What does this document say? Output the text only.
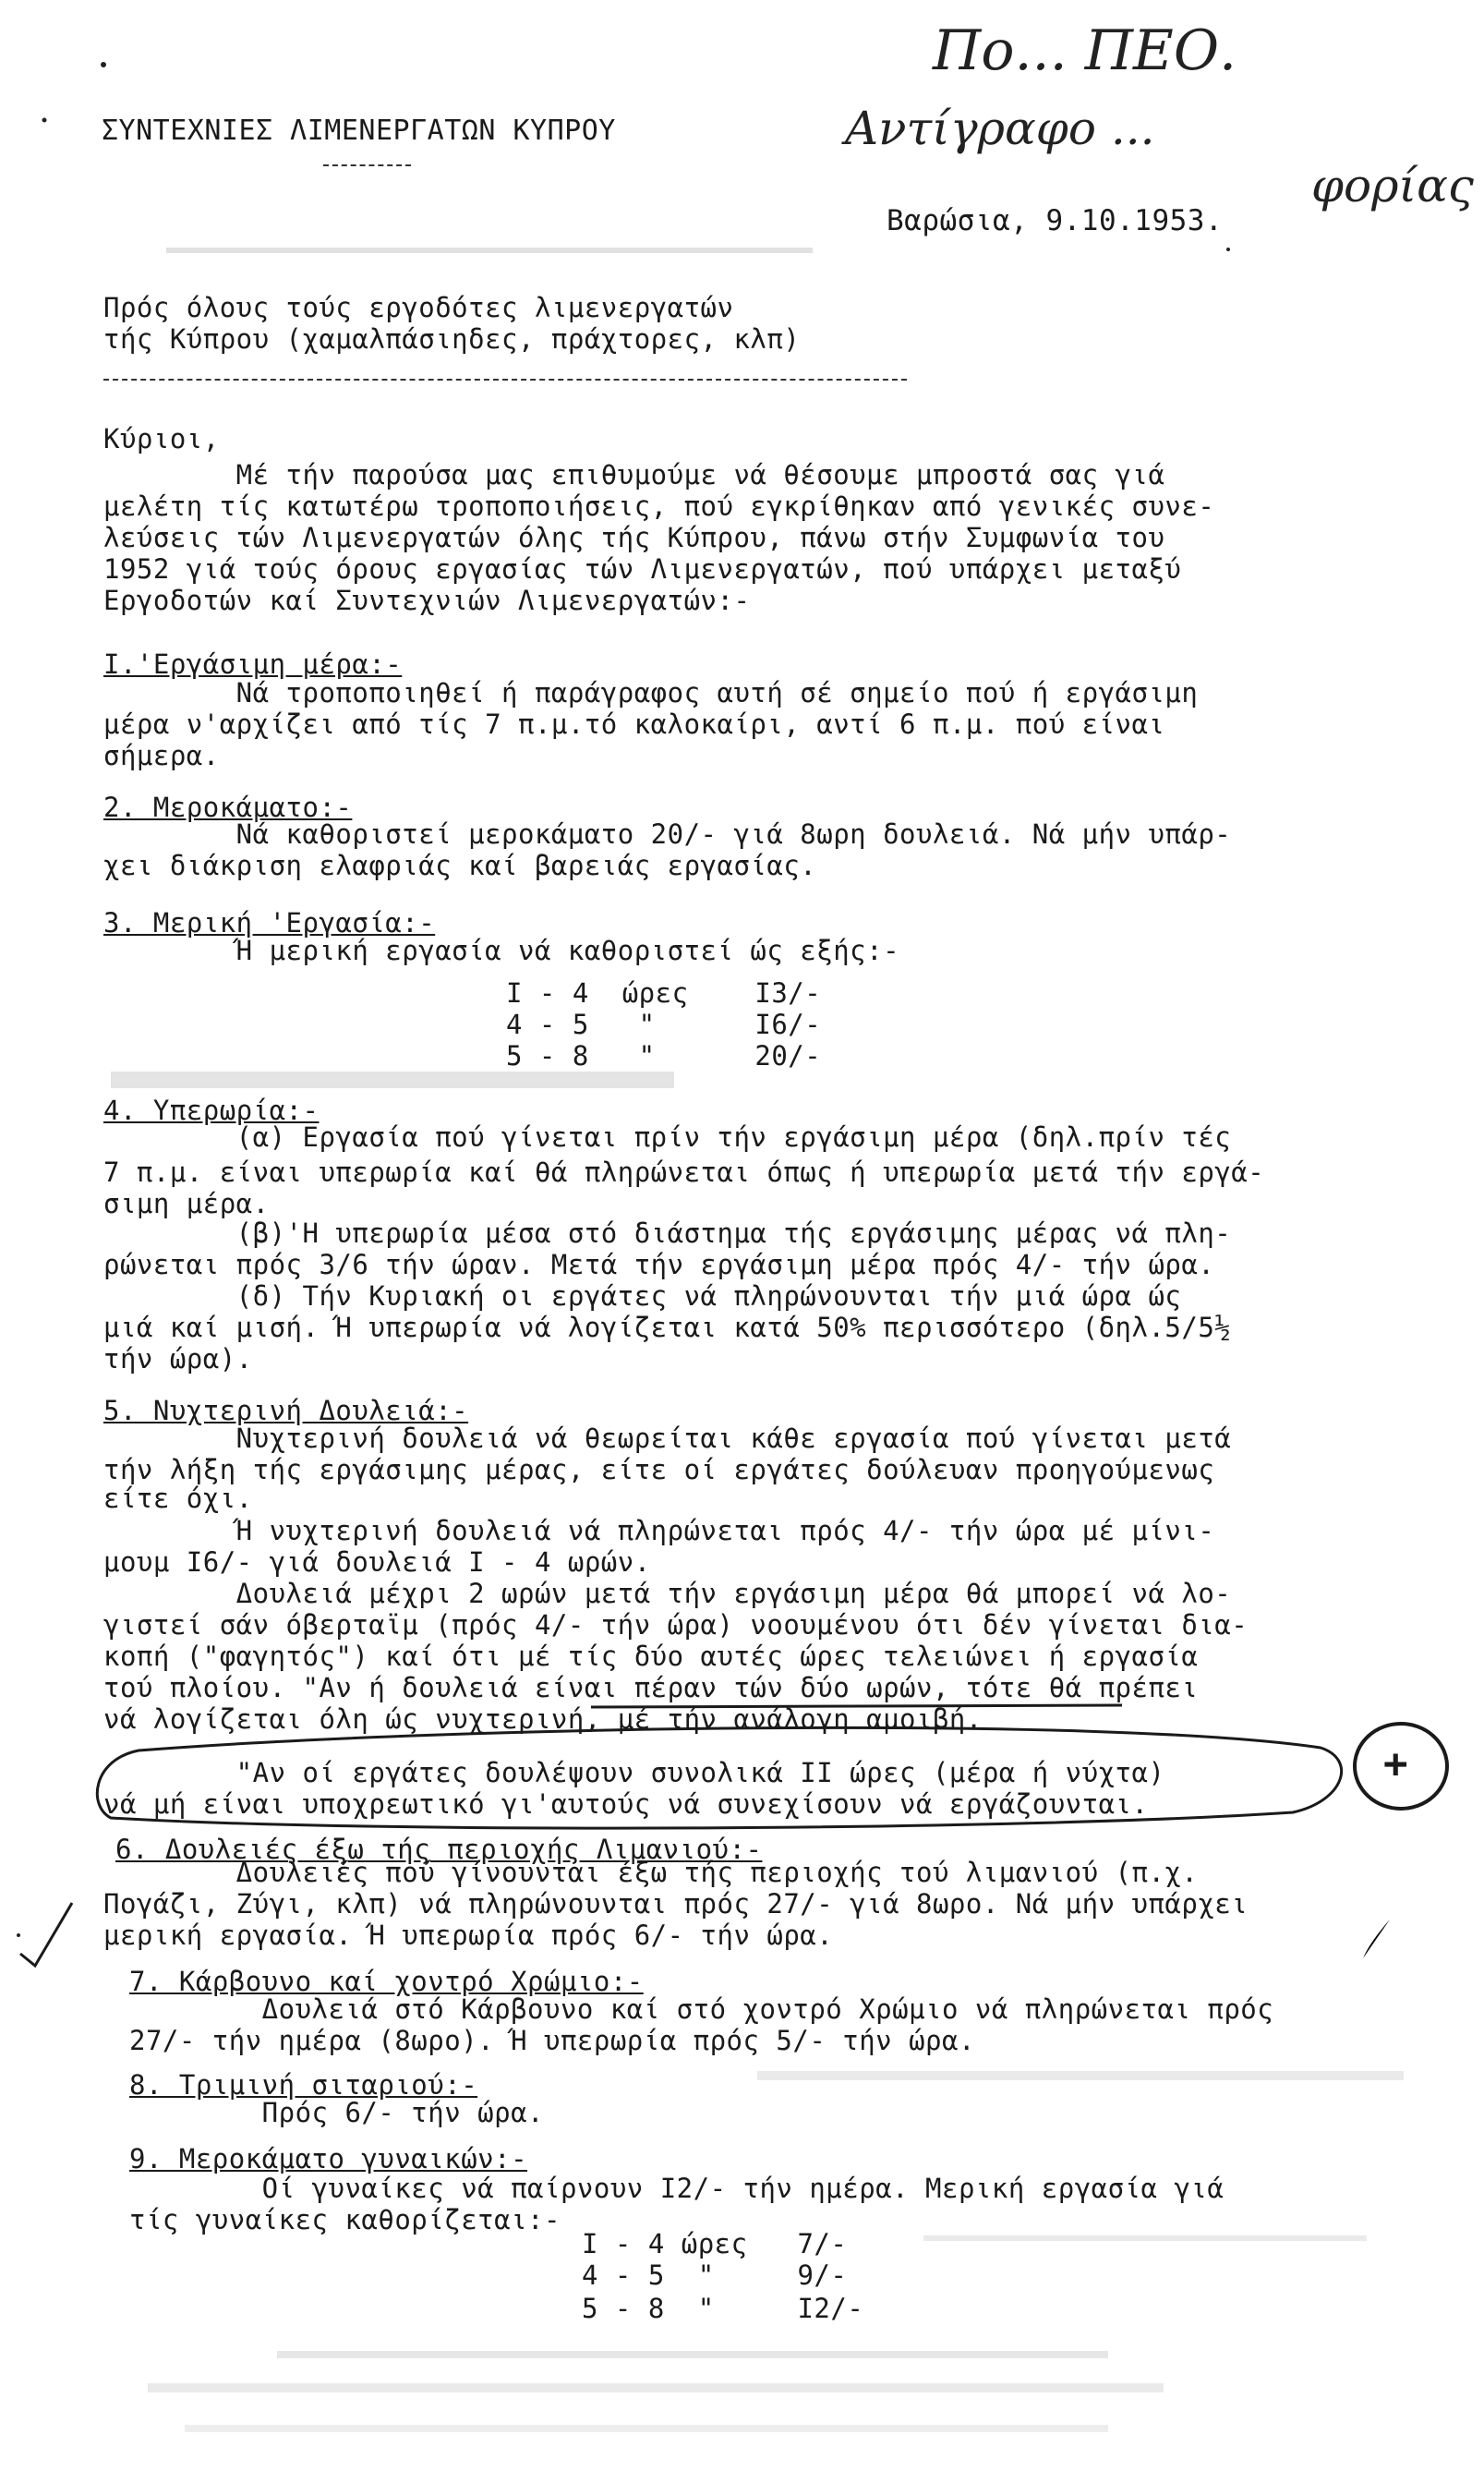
Πο... ΠΕΟ.
Αντίγραφο ...
φορίας
ΣΥΝΤΕΧΝΙΕΣ ΛΙΜΕΝΕΡΓΑΤΩΝ ΚΥΠΡΟΥ
Βαρώσια, 9.10.1953.
Πρός όλους τούς εργοδότες λιμενεργατών
τής Κύπρου (χαμαλπάσιηδες, πράχτορες, κλπ)
Κύριοι,
Μέ τήν παρούσα μας επιθυμούμε νά θέσουμε μπροστά σας γιά
μελέτη τίς κατωτέρω τροποποιήσεις, πού εγκρίθηκαν από γενικές συνε-
λεύσεις τών Λιμενεργατών όλης τής Κύπρου, πάνω στήν Συμφωνία του
1952 γιά τούς όρους εργασίας τών Λιμενεργατών, πού υπάρχει μεταξύ
Εργοδοτών καί Συντεχνιών Λιμενεργατών:-
Ι.'Εργάσιμη μέρα:-
Νά τροποποιηθεί ή παράγραφος αυτή σέ σημείο πού ή εργάσιμη
μέρα ν'αρχίζει από τίς 7 π.μ.τό καλοκαίρι, αντί 6 π.μ. πού είναι
σήμερα.
2. Μεροκάματο:-
Νά καθοριστεί μεροκάματο 20/- γιά 8ωρη δουλειά. Νά μήν υπάρ-
χει διάκριση ελαφριάς καί βαρειάς εργασίας.
3. Μερική 'Εργασία:-
Ή μερική εργασία νά καθοριστεί ώς εξής:-
Ι - 4  ώρες    Ι3/-
4 - 5   "      Ι6/-
5 - 8   "      20/-
4. Υπερωρία:-
(α) Εργασία πού γίνεται πρίν τήν εργάσιμη μέρα (δηλ.πρίν τές
7 π.μ. είναι υπερωρία καί θά πληρώνεται όπως ή υπερωρία μετά τήν εργά-
σιμη μέρα.
(β)'Η υπερωρία μέσα στό διάστημα τής εργάσιμης μέρας νά πλη-
ρώνεται πρός 3/6 τήν ώραν. Μετά τήν εργάσιμη μέρα πρός 4/- τήν ώρα.
(δ) Τήν Κυριακή οι εργάτες νά πληρώνουνται τήν μιά ώρα ώς
μιά καί μισή. Ή υπερωρία νά λογίζεται κατά 50% περισσότερο (δηλ.5/5½
τήν ώρα).
5. Νυχτερινή Δουλειά:-
Νυχτερινή δουλειά νά θεωρείται κάθε εργασία πού γίνεται μετά
τήν λήξη τής εργάσιμης μέρας, είτε οί εργάτες δούλευαν προηγούμενως
είτε όχι.
Ή νυχτερινή δουλειά νά πληρώνεται πρός 4/- τήν ώρα μέ μίνι-
μουμ Ι6/- γιά δουλειά Ι - 4 ωρών.
Δουλειά μέχρι 2 ωρών μετά τήν εργάσιμη μέρα θά μπορεί νά λο-
γιστεί σάν όβερταϊμ (πρός 4/- τήν ώρα) νοουμένου ότι δέν γίνεται δια-
κοπή ("φαγητός") καί ότι μέ τίς δύο αυτές ώρες τελειώνει ή εργασία
τού πλοίου. "Αν ή δουλειά είναι πέραν τών δύο ωρών, τότε θά πρέπει
νά λογίζεται όλη ώς νυχτερινή, μέ τήν ανάλογη αμοιβή.
"Αν οί εργάτες δουλέψουν συνολικά ΙΙ ώρες (μέρα ή νύχτα)
νά μή είναι υποχρεωτικό γι'αυτούς νά συνεχίσουν νά εργάζουνται.
+
6. Δουλειές έξω τής περιοχής Λιμανιού:-
Δουλειές πού γίνουνται έξω τής περιοχής τού λιμανιού (π.χ.
Πογάζι, Ζύγι, κλπ) νά πληρώνουνται πρός 27/- γιά 8ωρο. Νά μήν υπάρχει
μερική εργασία. Ή υπερωρία πρός 6/- τήν ώρα.
7. Κάρβουνο καί χοντρό Χρώμιο:-
Δουλειά στό Κάρβουνο καί στό χοντρό Χρώμιο νά πληρώνεται πρός
27/- τήν ημέρα (8ωρο). Ή υπερωρία πρός 5/- τήν ώρα.
8. Τριμινή σιταριού:-
Πρός 6/- τήν ώρα.
9. Μεροκάματο γυναικών:-
Οί γυναίκες νά παίρνουν Ι2/- τήν ημέρα. Μερική εργασία γιά
τίς γυναίκες καθορίζεται:-
Ι - 4 ώρες   7/-
4 - 5  "     9/-
5 - 8  "     Ι2/-
